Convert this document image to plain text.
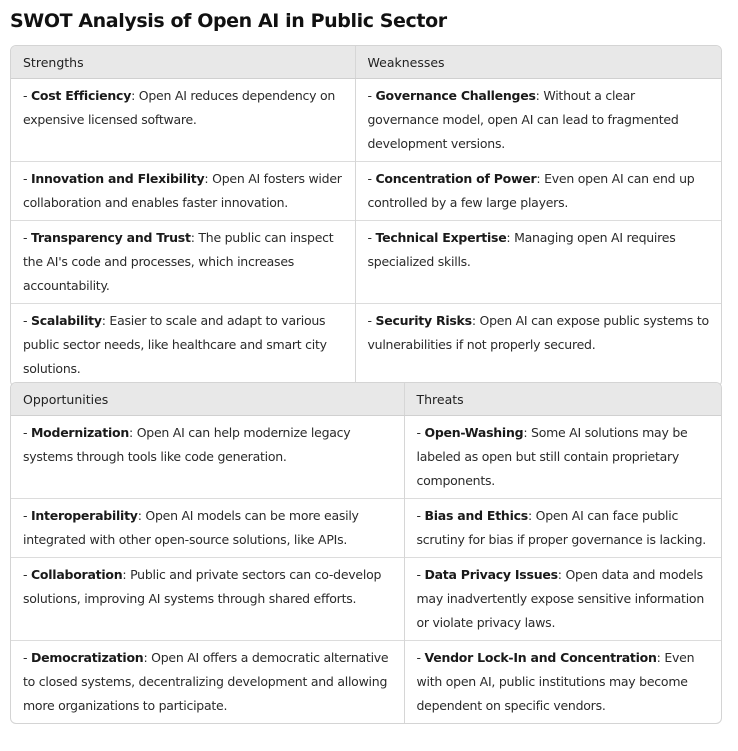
SWOT Analysis of Open AI in Public Sector
Strengths	Weaknesses
- Cost Efficiency: Open AI reduces dependency on expensive licensed software.	- Governance Challenges: Without a clear governance model, open AI can lead to fragmented development versions.
- Innovation and Flexibility: Open AI fosters wider collaboration and enables faster innovation.	- Concentration of Power: Even open AI can end up controlled by a few large players.
- Transparency and Trust: The public can inspect the AI's code and processes, which increases accountability.	- Technical Expertise: Managing open AI requires specialized skills.
- Scalability: Easier to scale and adapt to various public sector needs, like healthcare and smart city solutions.	- Security Risks: Open AI can expose public systems to vulnerabilities if not properly secured.
Opportunities	Threats
- Modernization: Open AI can help modernize legacy systems through tools like code generation.	- Open-Washing: Some AI solutions may be labeled as open but still contain proprietary components.
- Interoperability: Open AI models can be more easily integrated with other open-source solutions, like APIs.	- Bias and Ethics: Open AI can face public scrutiny for bias if proper governance is lacking.
- Collaboration: Public and private sectors can co-develop solutions, improving AI systems through shared efforts.	- Data Privacy Issues: Open data and models may inadvertently expose sensitive information or violate privacy laws.
- Democratization: Open AI offers a democratic alternative to closed systems, decentralizing development and allowing more organizations to participate.	- Vendor Lock-In and Concentration: Even with open AI, public institutions may become dependent on specific vendors.
